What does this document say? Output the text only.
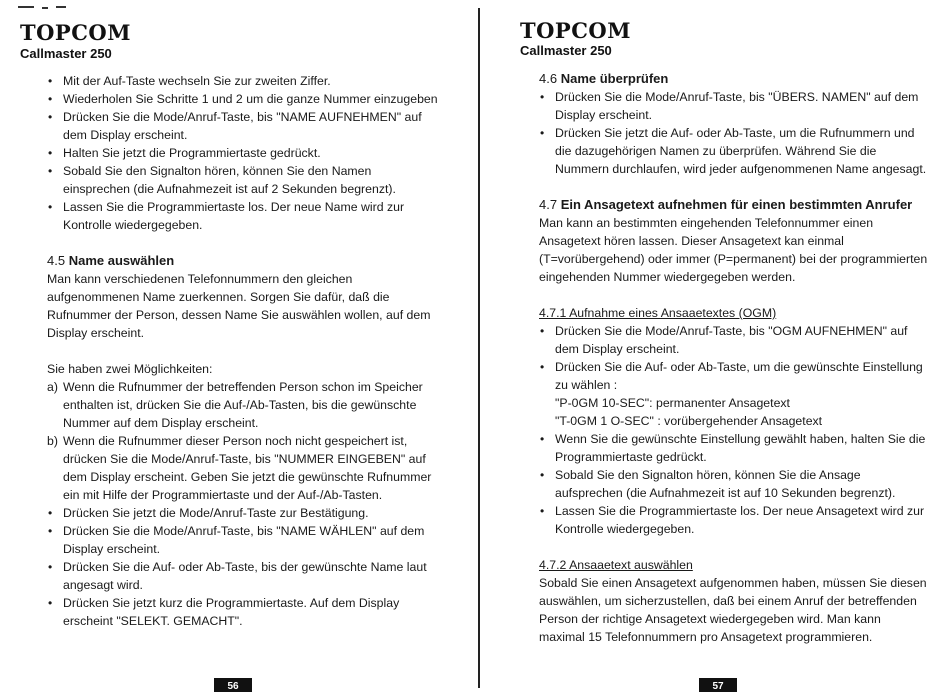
TOPCOM
Callmaster 250
• Mit der Auf-Taste wechseln Sie zur zweiten Ziffer.
• Wiederholen Sie Schritte 1 und 2 um die ganze Nummer einzugeben
• Drücken Sie die Mode/Anruf-Taste, bis "NAME AUFNEHMEN" auf dem Display erscheint.
• Halten Sie jetzt die Programmiertaste gedrückt.
• Sobald Sie den Signalton hören, können Sie den Namen einsprechen (die Aufnahmezeit ist auf 2 Sekunden begrenzt).
• Lassen Sie die Programmiertaste los. Der neue Name wird zur Kontrolle wiedergegeben.

4.5 Name auswählen

Man kann verschiedenen Telefonnummern den gleichen aufgenommenen Name zuerkennen. Sorgen Sie dafür, daß die Rufnummer der Person, dessen Name Sie auswählen wollen, auf dem Display erscheint.

Sie haben zwei Möglichkeiten:

a) Wenn die Rufnummer der betreffenden Person schon im Speicher enthalten ist, drücken Sie die Auf-/Ab-Tasten, bis die gewünschte Nummer auf dem Display erscheint.
b) Wenn die Rufnummer dieser Person noch nicht gespeichert ist, drücken Sie die Mode/Anruf-Taste, bis "NUMMER EINGEBEN" auf dem Display erscheint. Geben Sie jetzt die gewünschte Rufnummer ein mit Hilfe der Programmiertaste und der Auf-/Ab-Tasten.
• Drücken Sie jetzt die Mode/Anruf-Taste zur Bestätigung.
• Drücken Sie die Mode/Anruf-Taste, bis "NAME WÄHLEN" auf dem Display erscheint.
• Drücken Sie die Auf- oder Ab-Taste, bis der gewünschte Name laut angesagt wird.
• Drücken Sie jetzt kurz die Programmiertaste. Auf dem Display erscheint "SELEKT. GEMACHT".
56
TOPCOM
Callmaster 250

4.6 Name überprüfen

• Drücken Sie die Mode/Anruf-Taste, bis "ÜBERS. NAMEN" auf dem Display erscheint.
• Drücken Sie jetzt die Auf- oder Ab-Taste, um die Rufnummern und die dazugehörigen Namen zu überprüfen. Während Sie die Nummern durchlaufen, wird jeder aufgenommenen Name angesagt.

4.7 Ein Ansagetext aufnehmen für einen bestimmten Anrufer

Man kann an bestimmten eingehenden Telefonnummer einen Ansagetext hören lassen. Dieser Ansagetext kan einmal (T=vorübergehend) oder immer (P=permanent) bei der programmierten eingehenden Nummer wiedergegeben werden.

4.7.1 Aufnahme eines Ansaaetextes (OGM)

• Drücken Sie die Mode/Anruf-Taste, bis "OGM AUFNEHMEN" auf dem Display erscheint.
• Drücken Sie die Auf- oder Ab-Taste, um die gewünschte Einstellung zu wählen :
"P-0GM 10-SEC": permanenter Ansagetext
"T-0GM 1 O-SEC" : vorübergehender Ansagetext
• Wenn Sie die gewünschte Einstellung gewählt haben, halten Sie die Programmiertaste gedrückt.
• Sobald Sie den Signalton hören, können Sie die Ansage aufsprechen (die Aufnahmezeit ist auf 10 Sekunden begrenzt).
• Lassen Sie die Programmiertaste los. Der neue Ansagetext wird zur Kontrolle wiedergegeben.

4.7.2 Ansaaetext auswählen

Sobald Sie einen Ansagetext aufgenommen haben, müssen Sie diesen auswählen, um sicherzustellen, daß bei einem Anruf der betreffenden Person der richtige Ansagetext wiedergegeben wird. Man kann maximal 15 Telefonnummern pro Ansagetext programmieren.

57
